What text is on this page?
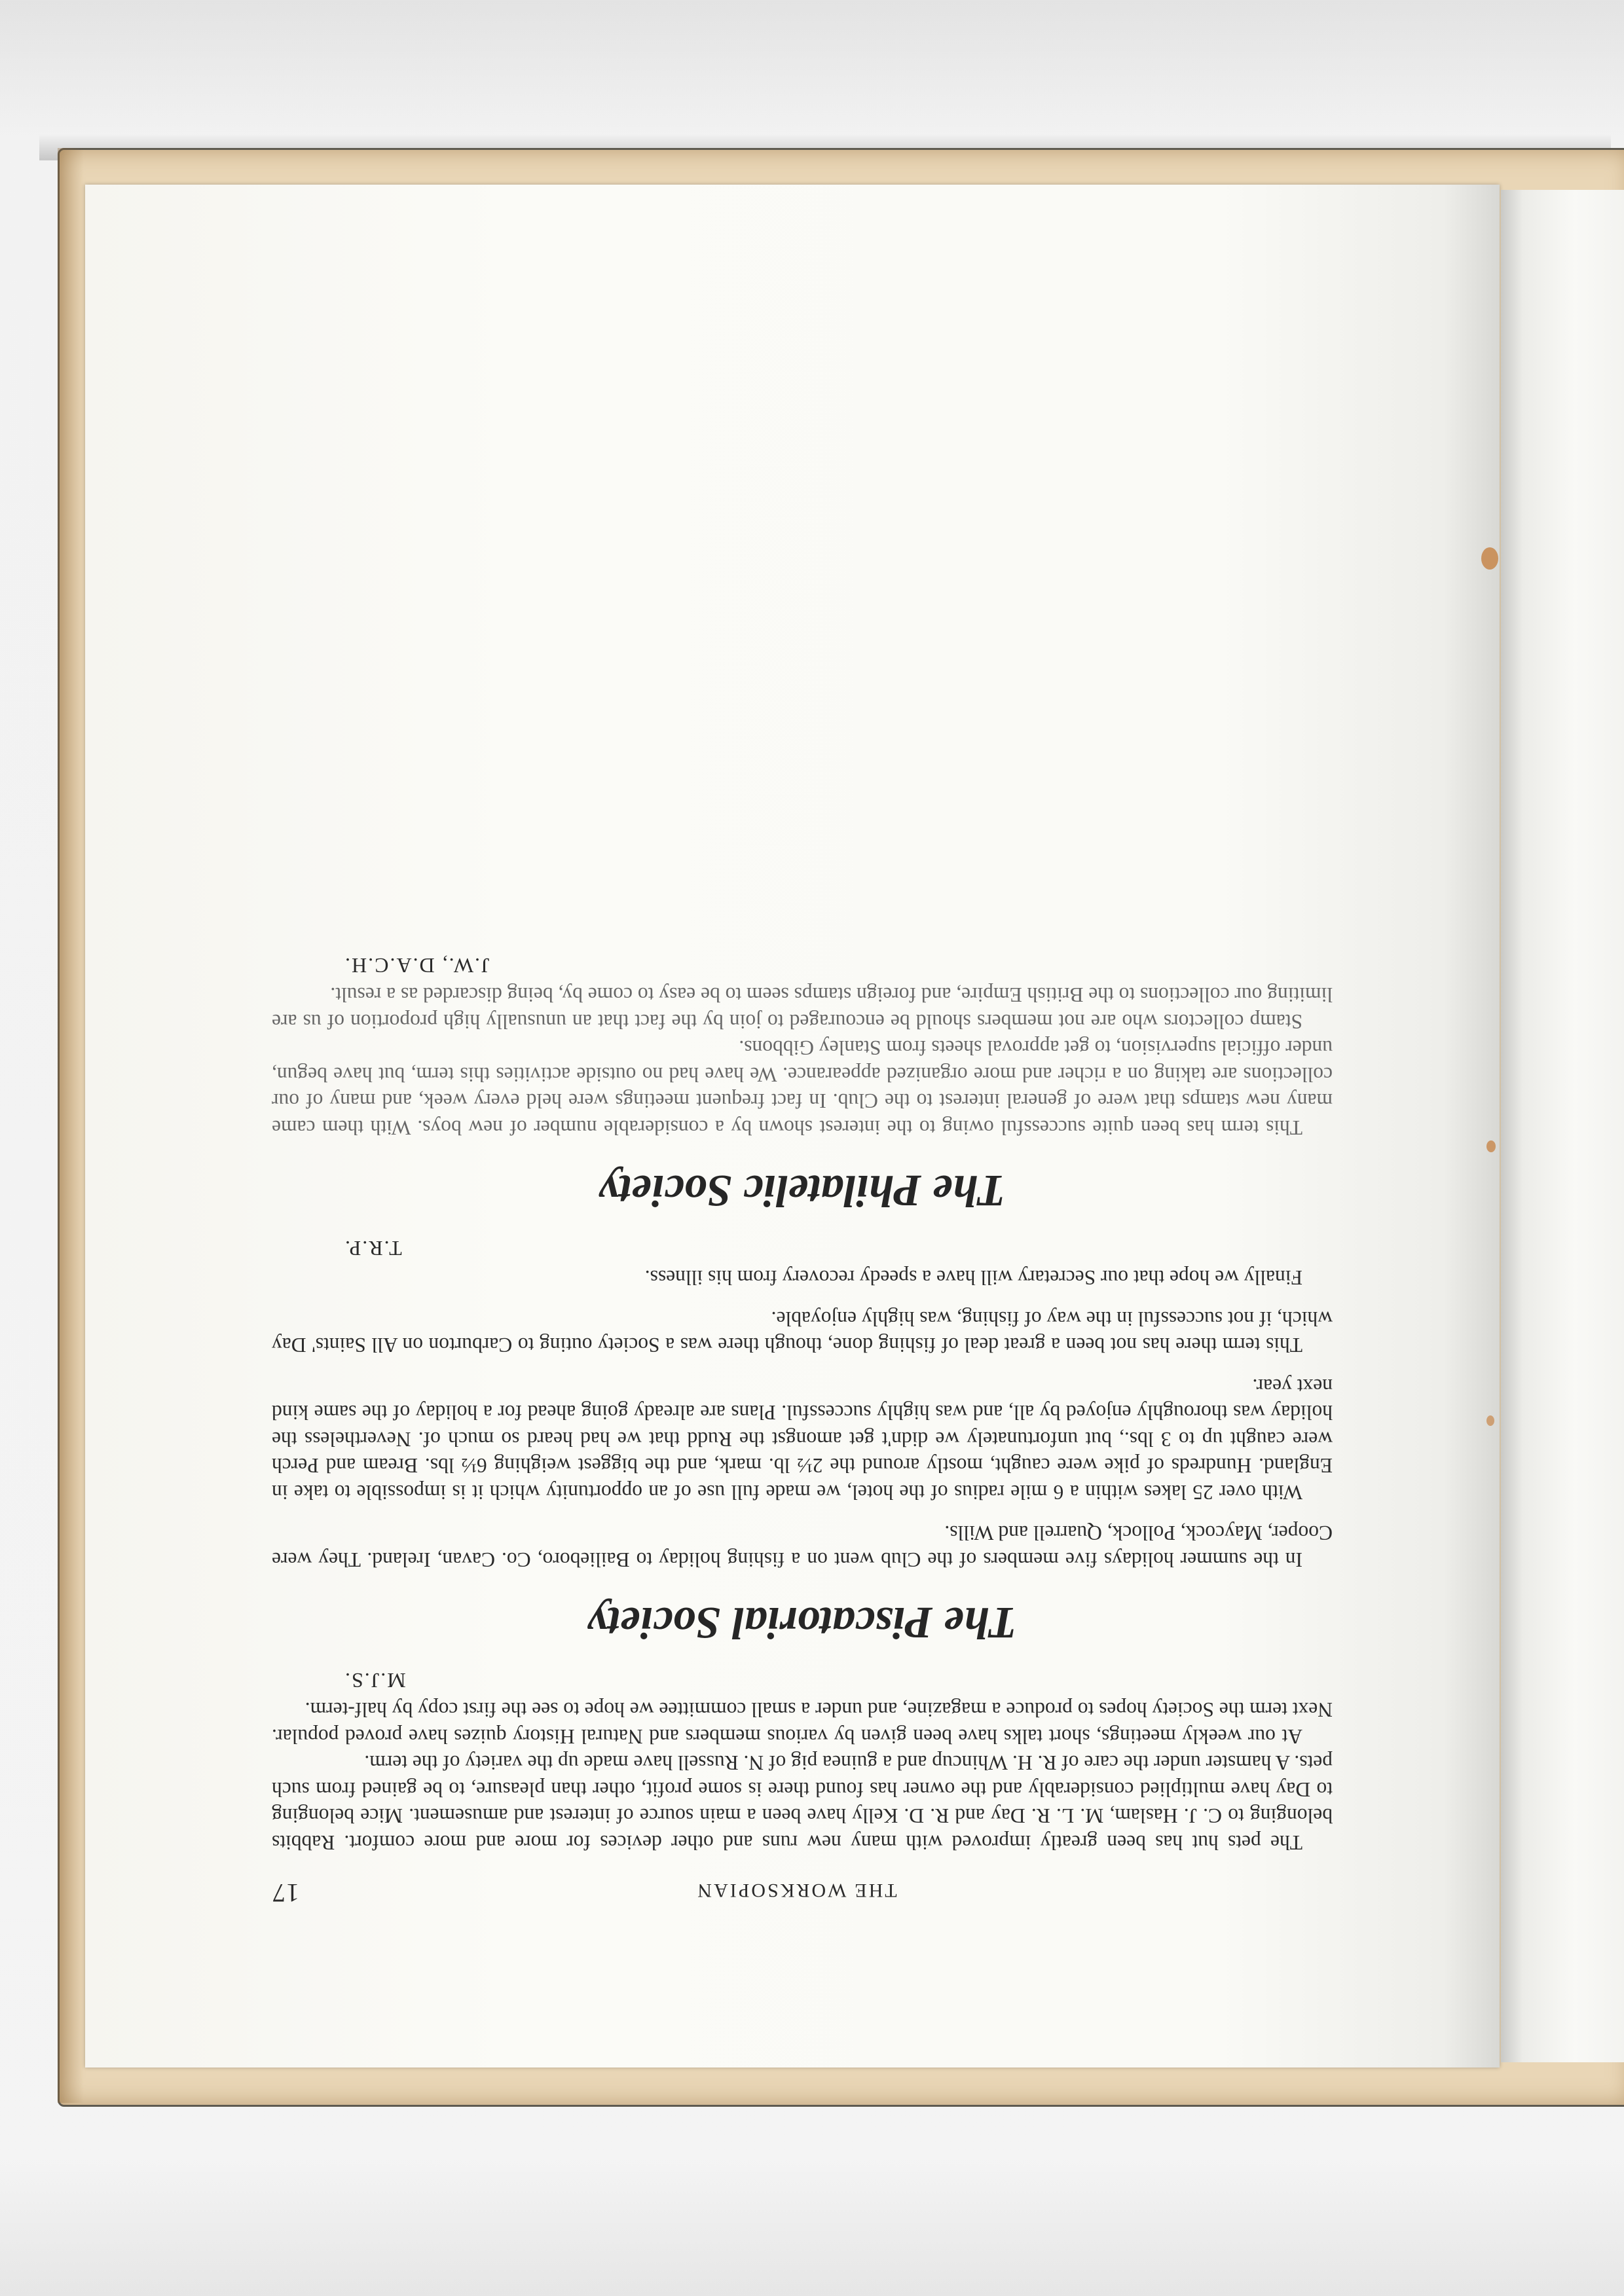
THE WORKSOPIAN
17

The pets hut has been greatly improved with many new runs and other devices for more and more comfort. Rabbits belonging to C. J. Haslam, M. L. R. Day and R. D. Kelly have been a main source of interest and amusement. Mice belonging to Day have multiplied considerably and the owner has found there is some profit, other than pleasure, to be gained from such pets. A hamster under the care of R. H. Whincup and a guinea pig of N. Russell have made up the variety of the term.

At our weekly meetings, short talks have been given by various members and Natural History quizes have proved popular. Next term the Society hopes to produce a magazine, and under a small committee we hope to see the first copy by half-term.

M.J.S.
The Piscatorial Society

In the summer holidays five members of the Club went on a fishing holiday to Bailieboro, Co. Cavan, Ireland. They were Cooper, Maycock, Pollock, Quarrell and Wills.

With over 25 lakes within a 6 mile radius of the hotel, we made full use of an opportunity which it is impossible to take in England. Hundreds of pike were caught, mostly around the 2½ lb. mark, and the biggest weighing 6½ lbs. Bream and Perch were caught up to 3 lbs., but unfortunately we didn't get amongst the Rudd that we had heard so much of. Nevertheless the holiday was thoroughly enjoyed by all, and was highly successful. Plans are already going ahead for a holiday of the same kind next year.

This term there has not been a great deal of fishing done, though there was a Society outing to Carburton on All Saints' Day which, if not successful in the way of fishing, was highly enjoyable.

Finally we hope that our Secretary will have a speedy recovery from his illness.

T.R.P.
The Philatelic Society

This term has been quite successful owing to the interest shown by a considerable number of new boys. With them came many new stamps that were of general interest to the Club. In fact frequent meetings were held every week, and many of our collections are taking on a richer and more organized appearance. We have had no outside activities this term, but have begun, under official supervision, to get approval sheets from Stanley Gibbons.

Stamp collectors who are not members should be encouraged to join by the fact that an unusually high proportion of us are limiting our collections to the British Empire, and foreign stamps seem to be easy to come by, being discarded as a result.

J.W., D.A.C.H.
